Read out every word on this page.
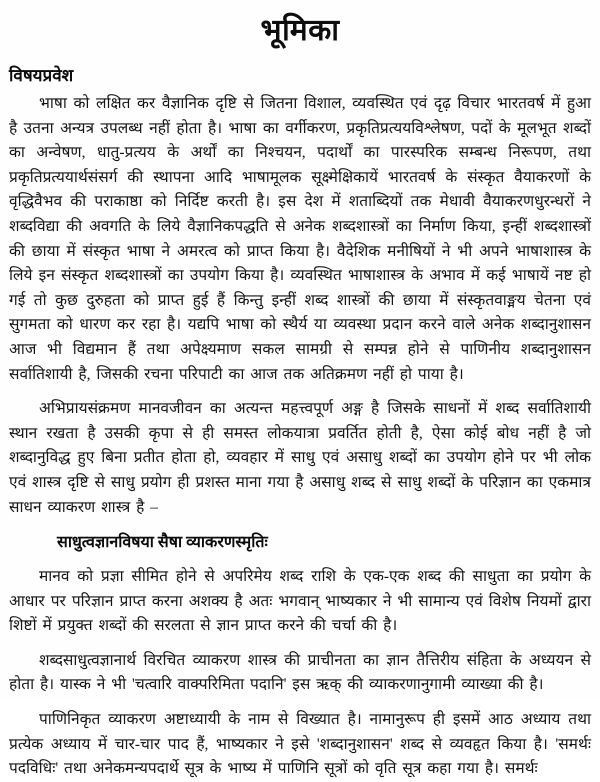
भूमिका
विषयप्रवेश

भाषा को लक्षित कर वैज्ञानिक दृष्टि से जितना विशाल, व्यवस्थित एवं दृढ़ विचार भारतवर्ष में हुआ है उतना अन्यत्र उपलब्ध नहीं होता है। भाषा का वर्गीकरण, प्रकृतिप्रत्ययविश्लेषण, पदों के मूलभूत शब्दों का अन्वेषण, धातु-प्रत्यय के अर्थों का निश्चयन, पदार्थों का पारस्परिक सम्बन्ध निरूपण, तथा प्रकृतिप्रत्ययार्थसंसर्ग की स्थापना आदि भाषामूलक सूक्ष्मेक्षिकायें भारतवर्ष के संस्कृत वैयाकरणों के वृद्धिवैभव की पराकाष्ठा को निर्दिष्ट करती है। इस देश में शताब्दियों तक मेधावी वैयाकरणधुरन्धरों ने शब्दविद्या की अवगति के लिये वैज्ञानिकपद्धति से अनेक शब्दशास्त्रों का निर्माण किया, इन्हीं शब्दशास्त्रों की छाया में संस्कृत भाषा ने अमरत्व को प्राप्त किया है। वैदेशिक मनीषियों ने भी अपने भाषाशास्त्र के लिये इन संस्कृत शब्दशास्त्रों का उपयोग किया है। व्यवस्थित भाषाशास्त्र के अभाव में कई भाषायें नष्ट हो गई तो कुछ दुरुहता को प्राप्त हुई हैं किन्तु इन्हीं शब्द शास्त्रों की छाया में संस्कृतवाङ्मय चेतना एवं सुगमता को धारण कर रहा है। यद्यपि भाषा को स्थैर्य या व्यवस्था प्रदान करने वाले अनेक शब्दानुशासन आज भी विद्यमान हैं तथा अपेक्ष्यमाण सकल सामग्री से सम्पन्न होने से पाणिनीय शब्दानुशासन सर्वातिशायी है, जिसकी रचना परिपाटी का आज तक अतिक्रमण नहीं हो पाया है।

अभिप्रायसंक्रमण मानवजीवन का अत्यन्त महत्त्वपूर्ण अङ्ग है जिसके साधनों में शब्द सर्वातिशायी स्थान रखता है उसकी कृपा से ही समस्त लोकयात्रा प्रवर्तित होती है, ऐसा कोई बोध नहीं है जो शब्दानुविद्ध हुए बिना प्रतीत होता हो, व्यवहार में साधु एवं असाधु शब्दों का उपयोग होने पर भी लोक एवं शास्त्र दृष्टि से साधु प्रयोग ही प्रशस्त माना गया है असाधु शब्द से साधु शब्दों के परिज्ञान का एकमात्र साधन व्याकरण शास्त्र है –

साधुत्वज्ञानविषया सैषा व्याकरणस्मृतिः

मानव को प्रज्ञा सीमित होने से अपरिमेय शब्द राशि के एक-एक शब्द की साधुता का प्रयोग के आधार पर परिज्ञान प्राप्त करना अशक्य है अतः भगवान् भाष्यकार ने भी सामान्य एवं विशेष नियमों द्वारा शिष्टों में प्रयुक्त शब्दों की सरलता से ज्ञान प्राप्त करने की चर्चा की है।

शब्दसाधुत्वज्ञानार्थ विरचित व्याकरण शास्त्र की प्राचीनता का ज्ञान तैत्तिरीय संहिता के अध्ययन से होता है। यास्क ने भी 'चत्वारि वाक्परिमिता पदानि' इस ऋक् की व्याकरणानुगामी व्याख्या की है।

पाणिनिकृत व्याकरण अष्टाध्यायी के नाम से विख्यात है। नामानुरूप ही इसमें आठ अध्याय तथा प्रत्येक अध्याय में चार-चार पाद हैं, भाष्यकार ने इसे 'शब्दानुशासन' शब्द से व्यवहृत किया है। 'समर्थः पदविधिः' तथा अनेकमन्यपदार्थे सूत्र के भाष्य में पाणिनि सूत्रों को वृति सूत्र कहा गया है। समर्थः
